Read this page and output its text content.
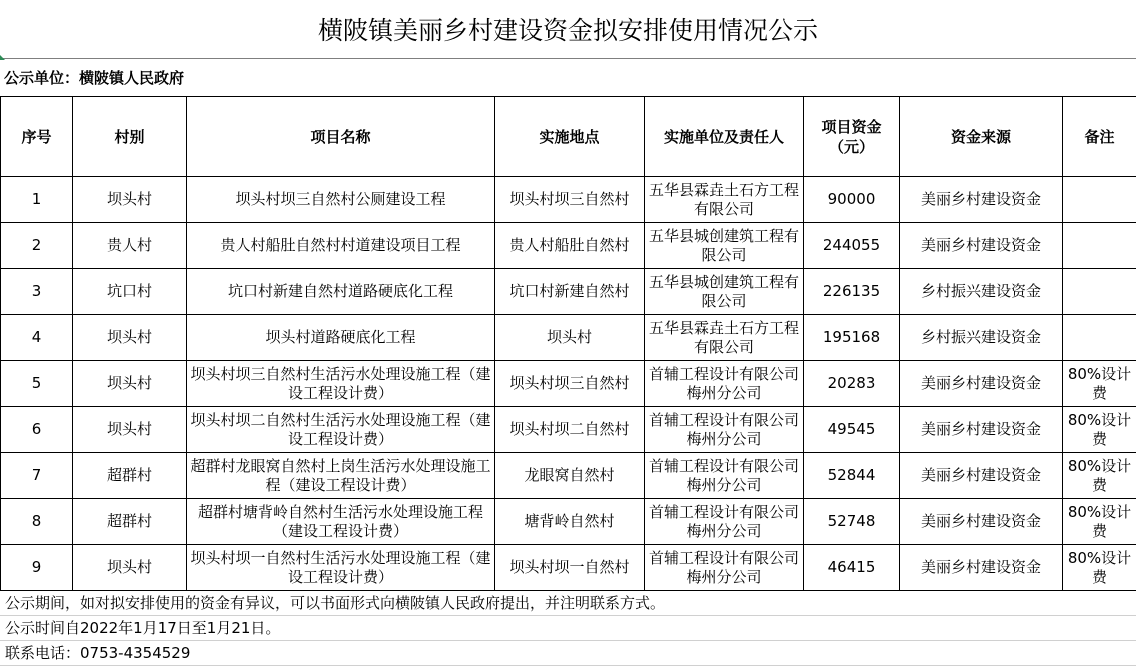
横陂镇美丽乡村建设资金拟安排使用情况公示
公示单位：横陂镇人民政府
序号	村别	项目名称	实施地点	实施单位及责任人	项目资金（元）	资金来源	备注
1	坝头村	坝头村坝三自然村公厕建设工程	坝头村坝三自然村	五华县霖垚土石方工程有限公司	90000	美丽乡村建设资金	
2	贵人村	贵人村船肚自然村村道建设项目工程	贵人村船肚自然村	五华县城创建筑工程有限公司	244055	美丽乡村建设资金	
3	坑口村	坑口村新建自然村道路硬底化工程	坑口村新建自然村	五华县城创建筑工程有限公司	226135	乡村振兴建设资金	
4	坝头村	坝头村道路硬底化工程	坝头村	五华县霖垚土石方工程有限公司	195168	乡村振兴建设资金	
5	坝头村	坝头村坝三自然村生活污水处理设施工程（建设工程设计费）	坝头村坝三自然村	首辅工程设计有限公司梅州分公司	20283	美丽乡村建设资金	80%设计费
6	坝头村	坝头村坝二自然村生活污水处理设施工程（建设工程设计费）	坝头村坝二自然村	首辅工程设计有限公司梅州分公司	49545	美丽乡村建设资金	80%设计费
7	超群村	超群村龙眼窝自然村上岗生活污水处理设施工程（建设工程设计费）	龙眼窝自然村	首辅工程设计有限公司梅州分公司	52844	美丽乡村建设资金	80%设计费
8	超群村	超群村塘背岭自然村生活污水处理设施工程（建设工程设计费）	塘背岭自然村	首辅工程设计有限公司梅州分公司	52748	美丽乡村建设资金	80%设计费
9	坝头村	坝头村坝一自然村生活污水处理设施工程（建设工程设计费）	坝头村坝一自然村	首辅工程设计有限公司梅州分公司	46415	美丽乡村建设资金	80%设计费
公示期间，如对拟安排使用的资金有异议，可以书面形式向横陂镇人民政府提出，并注明联系方式。
公示时间自2022年1月17日至1月21日。
联系电话：0753-4354529
